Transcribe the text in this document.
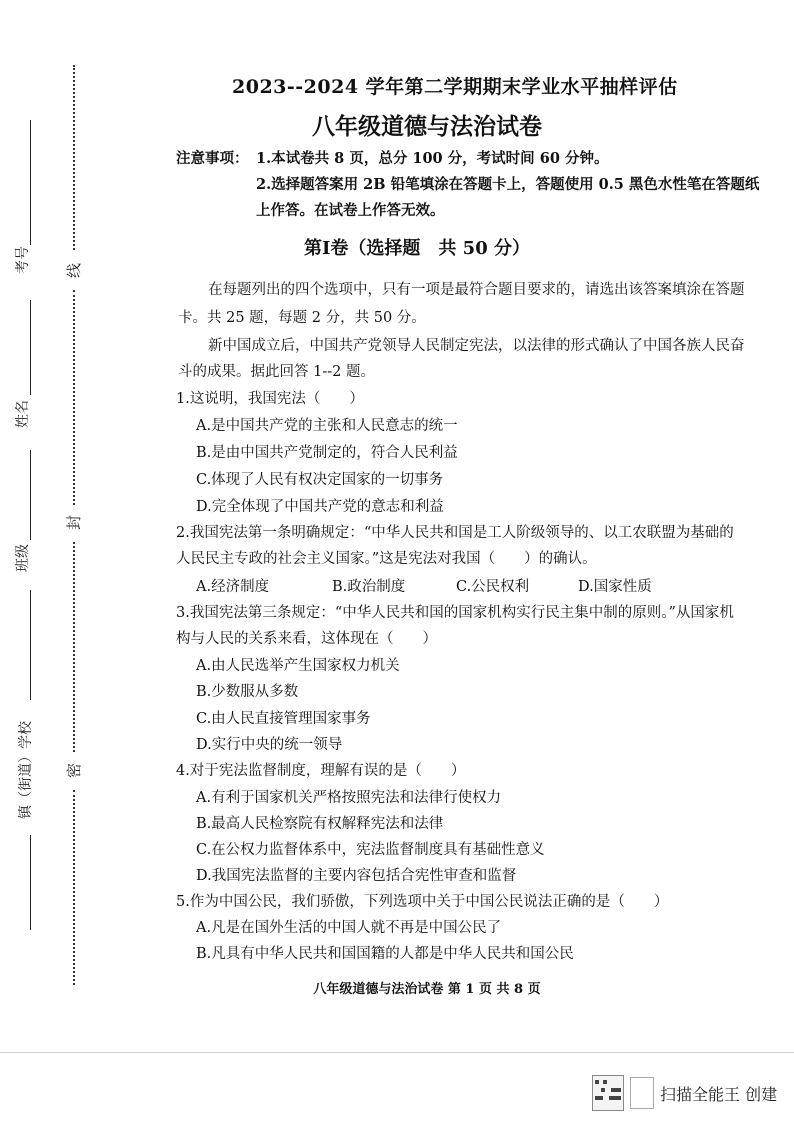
考号
姓名
班级
镇（街道）学校
线
封
密
2023--2024 学年第二学期期末学业水平抽样评估
八年级道德与法治试卷
注意事项： 1.本试卷共 8 页，总分 100 分，考试时间 60 分钟。
2.选择题答案用 2B 铅笔填涂在答题卡上，答题使用 0.5 黑色水性笔在答题纸
上作答。在试卷上作答无效。
第Ⅰ卷（选择题　共 50 分）
在每题列出的四个选项中，只有一项是最符合题目要求的，请选出该答案填涂在答题
卡。共 25 题，每题 2 分，共 50 分。
新中国成立后，中国共产党领导人民制定宪法，以法律的形式确认了中国各族人民奋
斗的成果。据此回答 1--2 题。
1.这说明，我国宪法（　　）
A.是中国共产党的主张和人民意志的统一
B.是由中国共产党制定的，符合人民利益
C.体现了人民有权决定国家的一切事务
D.完全体现了中国共产党的意志和利益
2.我国宪法第一条明确规定：“中华人民共和国是工人阶级领导的、以工农联盟为基础的
人民民主专政的社会主义国家。”这是宪法对我国（　　）的确认。
A.经济制度	B.政治制度	C.公民权利	D.国家性质
3.我国宪法第三条规定：“中华人民共和国的国家机构实行民主集中制的原则。”从国家机
构与人民的关系来看，这体现在（　　）
A.由人民选举产生国家权力机关
B.少数服从多数
C.由人民直接管理国家事务
D.实行中央的统一领导
4.对于宪法监督制度，理解有误的是（　　）
A.有利于国家机关严格按照宪法和法律行使权力
B.最高人民检察院有权解释宪法和法律
C.在公权力监督体系中，宪法监督制度具有基础性意义
D.我国宪法监督的主要内容包括合宪性审查和监督
5.作为中国公民，我们骄傲，下列选项中关于中国公民说法正确的是（　　）
A.凡是在国外生活的中国人就不再是中国公民了
B.凡具有中华人民共和国国籍的人都是中华人民共和国公民
八年级道德与法治试卷 第 1 页 共 8 页
扫描全能王 创建
